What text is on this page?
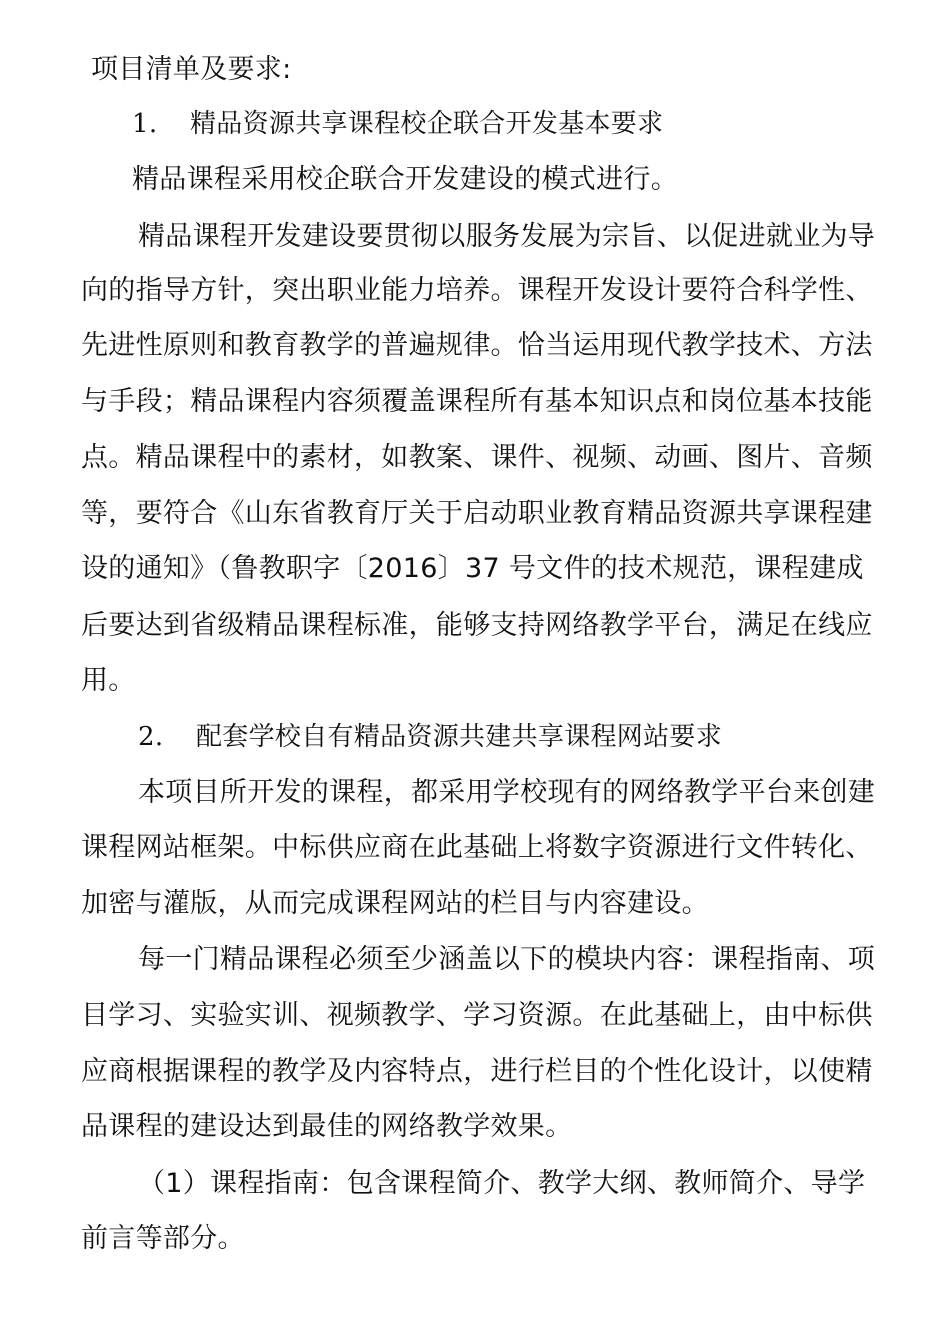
项目清单及要求:
1. 精品资源共享课程校企联合开发基本要求
精品课程采用校企联合开发建设的模式进行。
精品课程开发建设要贯彻以服务发展为宗旨、以促进就业为导
向的指导方针，突出职业能力培养。课程开发设计要符合科学性、
先进性原则和教育教学的普遍规律。恰当运用现代教学技术、方法
与手段；精品课程内容须覆盖课程所有基本知识点和岗位基本技能
点。精品课程中的素材，如教案、课件、视频、动画、图片、音频
等，要符合《山东省教育厅关于启动职业教育精品资源共享课程建
设的通知》（鲁教职字〔2016〕37 号文件的技术规范，课程建成
后要达到省级精品课程标准，能够支持网络教学平台，满足在线应
用。
2. 配套学校自有精品资源共建共享课程网站要求
本项目所开发的课程，都采用学校现有的网络教学平台来创建
课程网站框架。中标供应商在此基础上将数字资源进行文件转化、
加密与灌版，从而完成课程网站的栏目与内容建设。
每一门精品课程必须至少涵盖以下的模块内容：课程指南、项
目学习、实验实训、视频教学、学习资源。在此基础上，由中标供
应商根据课程的教学及内容特点，进行栏目的个性化设计，以使精
品课程的建设达到最佳的网络教学效果。
（1）课程指南：包含课程简介、教学大纲、教师简介、导学
前言等部分。
